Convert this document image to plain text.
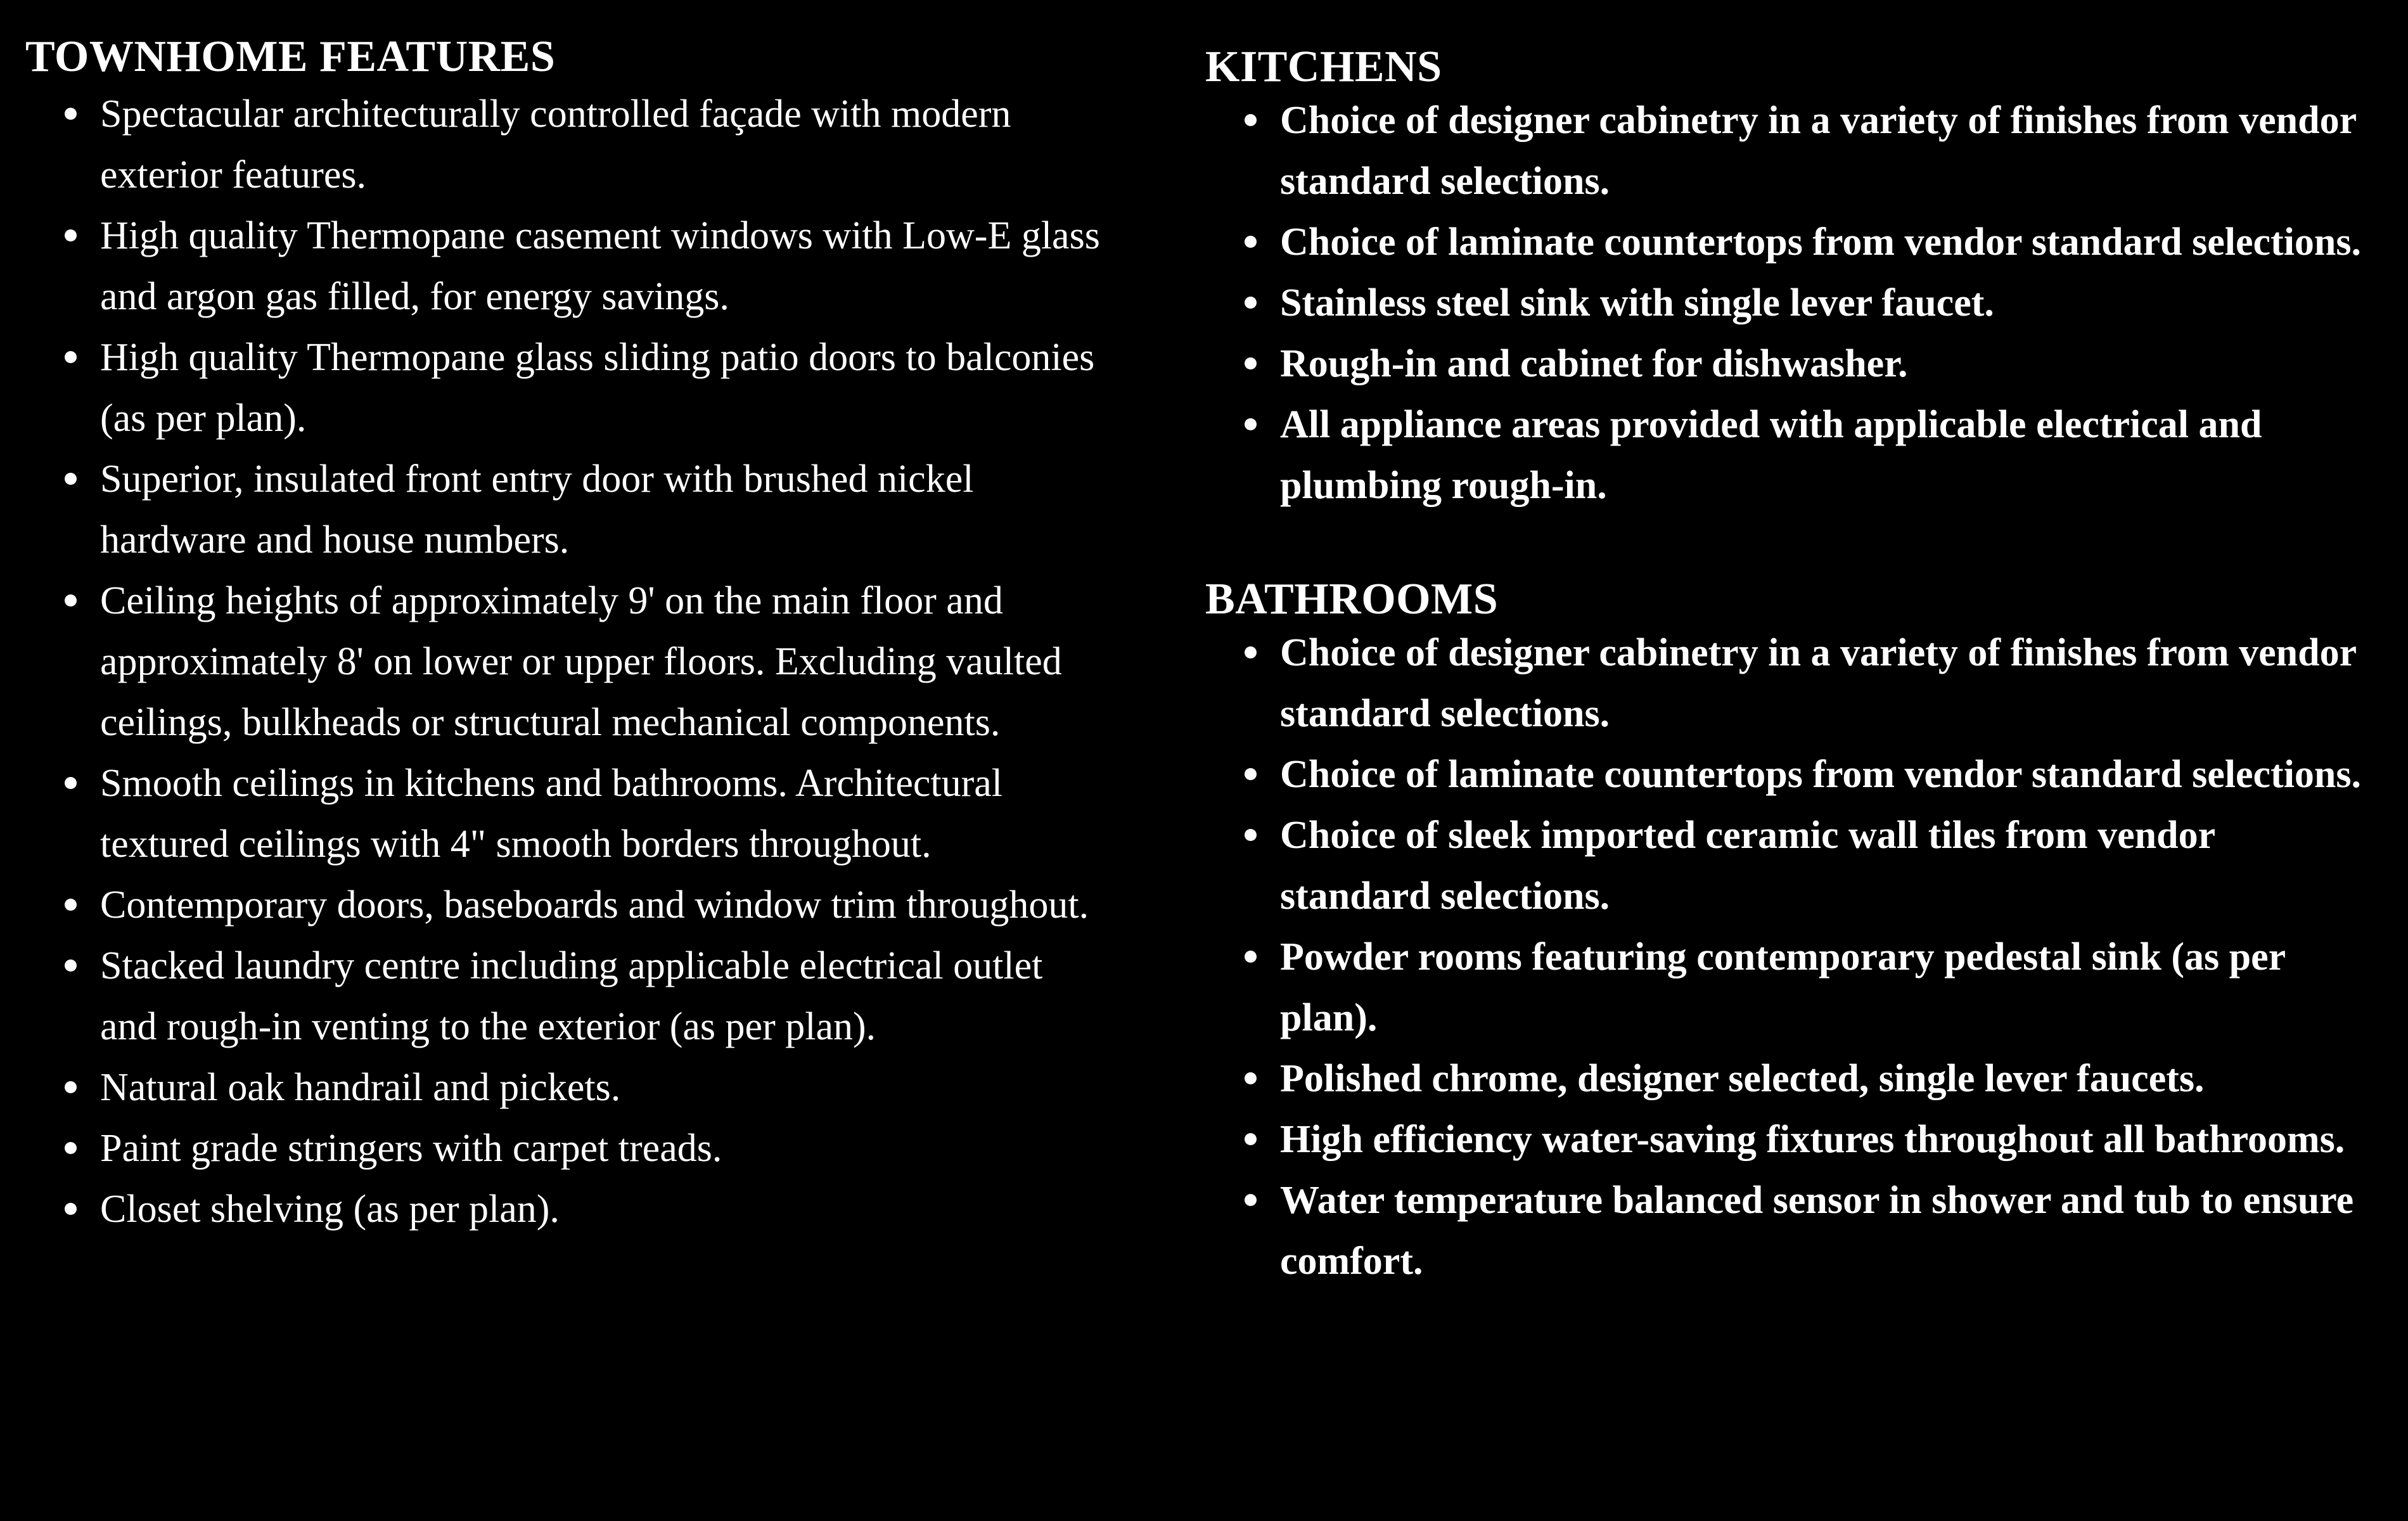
TOWNHOME FEATURES
Spectacular architecturally controlled façade with modern exterior features.
High quality Thermopane casement windows with Low-E glass and argon gas filled, for energy savings.
High quality Thermopane glass sliding patio doors to balconies (as per plan).
Superior, insulated front entry door with brushed nickel hardware and house numbers.
Ceiling heights of approximately 9' on the main floor and approximately 8' on lower or upper floors. Excluding vaulted ceilings, bulkheads or structural mechanical components.
Smooth ceilings in kitchens and bathrooms. Architectural textured ceilings with 4" smooth borders throughout.
Contemporary doors, baseboards and window trim throughout.
Stacked laundry centre including applicable electrical outlet and rough-in venting to the exterior (as per plan).
Natural oak handrail and pickets.
Paint grade stringers with carpet treads.
Closet shelving (as per plan).
KITCHENS
Choice of designer cabinetry in a variety of finishes from vendor standard selections.
Choice of laminate countertops from vendor standard selections.
Stainless steel sink with single lever faucet.
Rough-in and cabinet for dishwasher.
All appliance areas provided with applicable electrical and plumbing rough-in.
BATHROOMS
Choice of designer cabinetry in a variety of finishes from vendor standard selections.
Choice of laminate countertops from vendor standard selections.
Choice of sleek imported ceramic wall tiles from vendor standard selections.
Powder rooms featuring contemporary pedestal sink (as per plan).
Polished chrome, designer selected, single lever faucets.
High efficiency water-saving fixtures throughout all bathrooms.
Water temperature balanced sensor in shower and tub to ensure comfort.
